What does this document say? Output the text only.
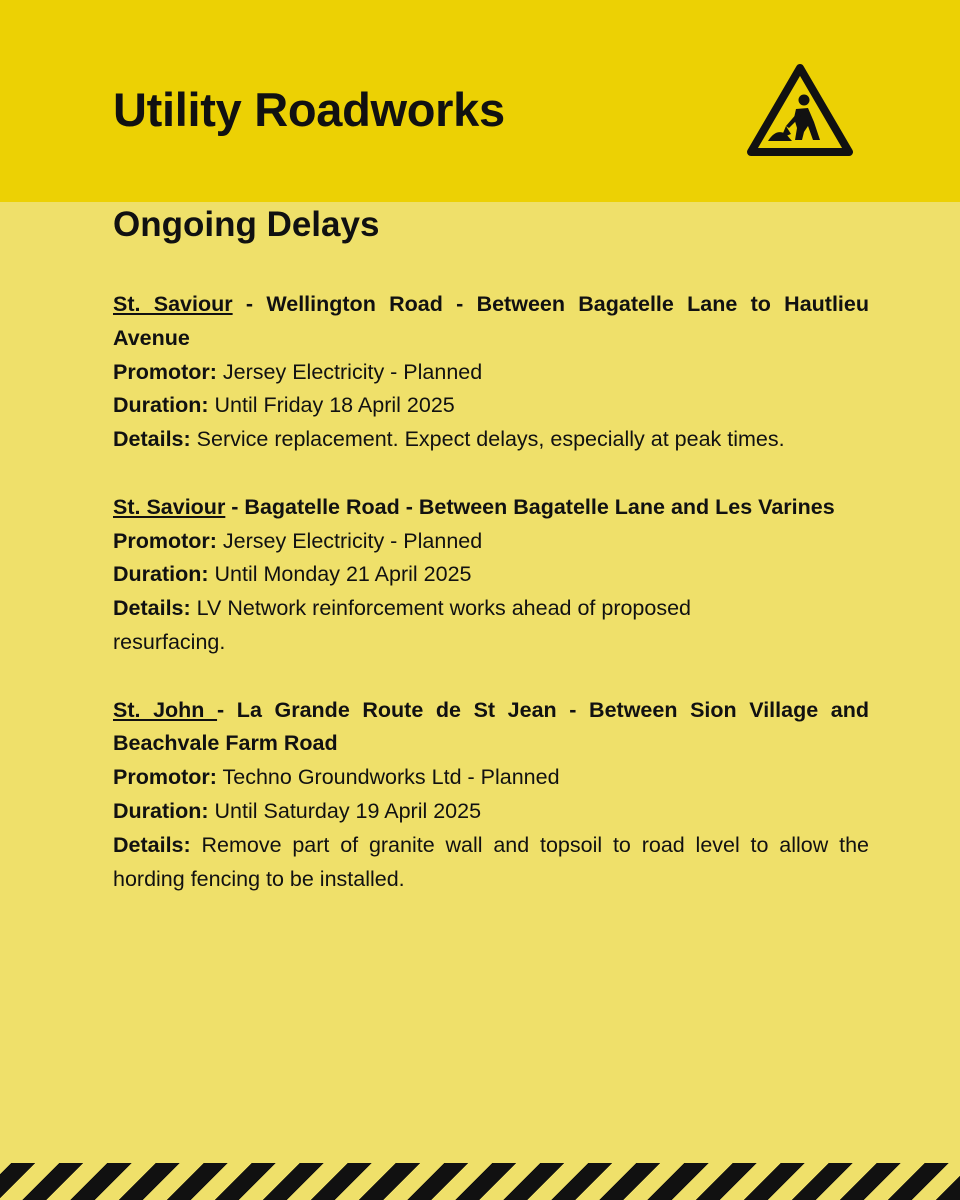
Utility Roadworks
Ongoing Delays

St. Saviour - Wellington Road - Between Bagatelle Lane to Hautlieu Avenue

Promotor: Jersey Electricity - Planned

Duration: Until Friday 18 April 2025

Details: Service replacement. Expect delays, especially at peak times.

St. Saviour - Bagatelle Road - Between Bagatelle Lane and Les Varines

Promotor: Jersey Electricity - Planned

Duration: Until Monday 21 April 2025

Details: LV Network reinforcement works ahead of proposed resurfacing.

St. John - La Grande Route de St Jean - Between Sion Village and Beachvale Farm Road

Promotor: Techno Groundworks Ltd - Planned

Duration: Until Saturday 19 April 2025

Details: Remove part of granite wall and topsoil to road level to allow the hording fencing to be installed.
